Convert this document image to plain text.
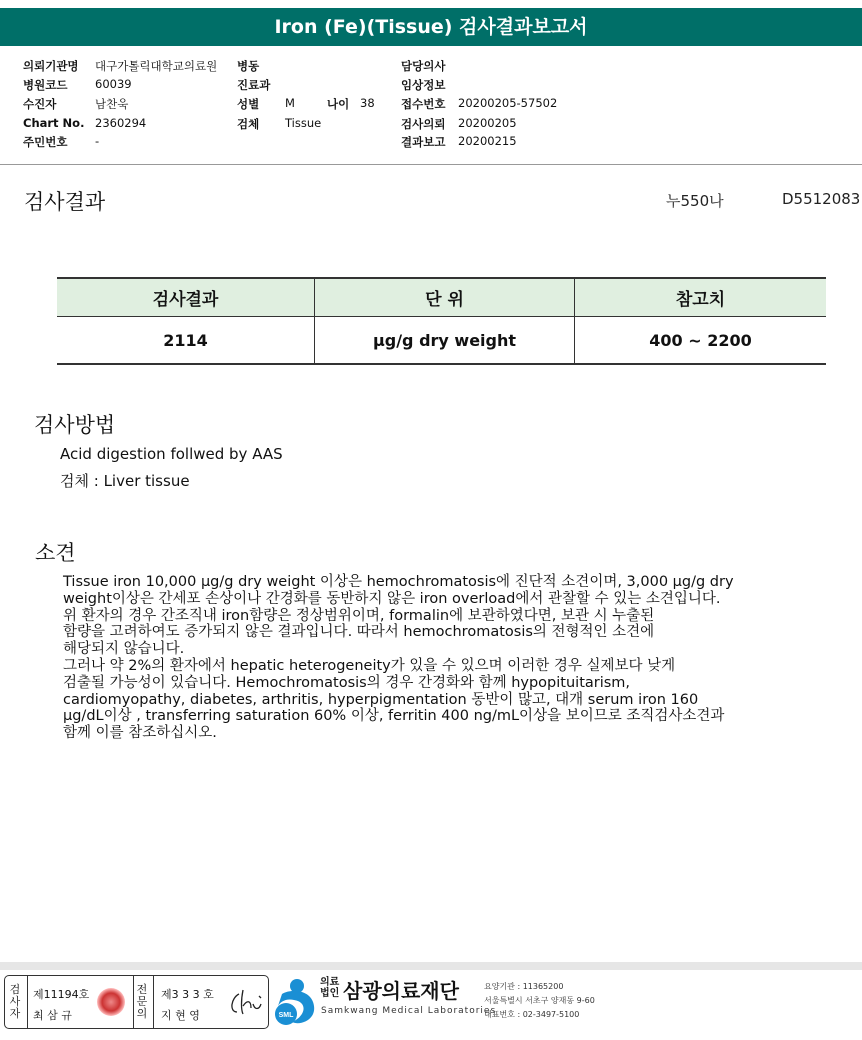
Iron (Fe)(Tissue) 검사결과보고서
의뢰기관명 대구가톨릭대학교의료원
병원코드 60039
수진자	남찬욱
Chart No. 2360294
주민번호 -
병동
진료과
성별 M
검체 Tissue
나이 38
담당의사
임상정보
접수번호 20200205-57502
검사의뢰 20200205
결과보고 20200215
검사결과	누550나	D5512083
검사결과	단 위	참고치
2114	μg/g dry weight	400 ~ 2200
검사방법
Acid digestion follwed by AAS
검체 : Liver tissue
소견

Tissue iron 10,000 μg/g dry weight 이상은 hemochromatosis에 진단적 소견이며, 3,000 μg/g dry

weight이상은 간세포 손상이나 간경화를 동반하지 않은 iron overload에서 관찰할 수 있는 소견입니다.

위 환자의 경우 간조직내 iron함량은 정상범위이며, formalin에 보관하였다면, 보관 시 누출된

함량을 고려하여도 증가되지 않은 결과입니다. 따라서 hemochromatosis의 전형적인 소견에

해당되지 않습니다.

그러나 약 2%의 환자에서 hepatic heterogeneity가 있을 수 있으며 이러한 경우 실제보다 낮게

검출될 가능성이 있습니다. Hemochromatosis의 경우 간경화와 함께 hypopituitarism,

cardiomyopathy, diabetes, arthritis, hyperpigmentation 동반이 많고, 대개 serum iron 160

μg/dL이상 , transferring saturation 60% 이상, ferritin 400 ng/mL이상을 보이므로 조직검사소견과

함께 이를 참조하십시오.

검
사
자
제11194호
최 삼 규
전
문
의
제3 3 3 호
지 현 영	SML
의료
법인 삼광의료재단
Samkwang Medical Laboratories
요양기관 : 11365200
서울특별시 서초구 양재동 9-60
대표번호 : 02-3497-5100
